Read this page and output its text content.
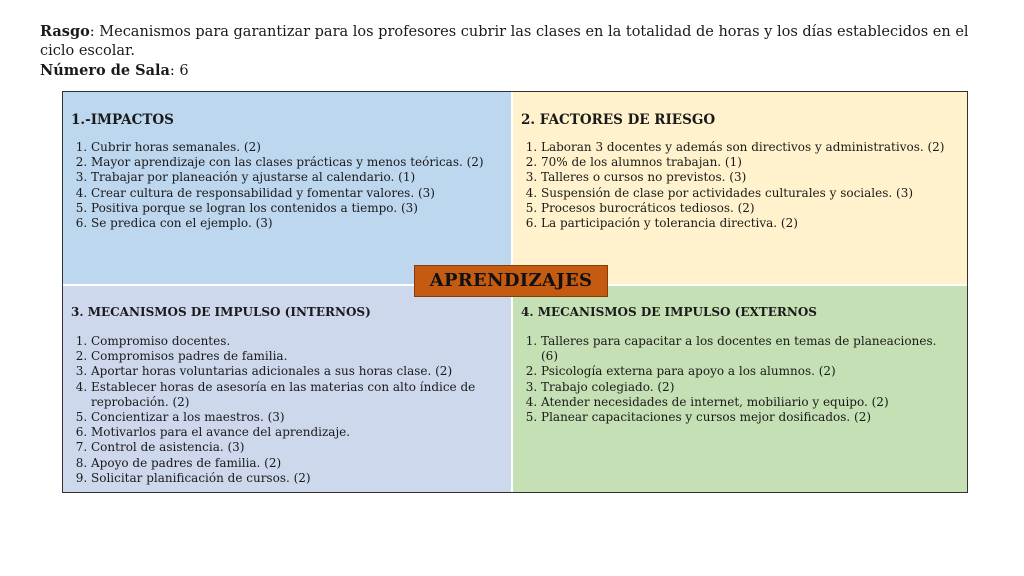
Rasgo: Mecanismos para garantizar para los profesores cubrir las clases en la totalidad de horas y los días establecidos en el ciclo escolar.
Número de Sala: 6
1.-IMPACTOS
1. Cubrir horas semanales. (2)
2. Mayor aprendizaje con las clases prácticas y menos teóricas. (2)
3. Trabajar por planeación y ajustarse al calendario. (1)
4. Crear cultura de responsabilidad y fomentar valores. (3)
5. Positiva porque se logran los contenidos a tiempo. (3)
6. Se predica con el ejemplo. (3)
2. FACTORES DE RIESGO
1. Laboran 3 docentes y además son directivos y administrativos. (2)
2. 70% de los alumnos trabajan. (1)
3. Talleres o cursos no previstos. (3)
4. Suspensión de clase por actividades culturales y sociales. (3)
5. Procesos burocráticos tediosos. (2)
6. La participación y tolerancia directiva. (2)
3. MECANISMOS DE IMPULSO (INTERNOS)
1. Compromiso docentes.
2. Compromisos padres de familia.
3. Aportar horas voluntarias adicionales a sus horas clase. (2)
4. Establecer horas de asesoría en las materias con alto índice de reprobación. (2)
5. Concientizar a los maestros. (3)
6. Motivarlos para el avance del aprendizaje.
7. Control de asistencia. (3)
8. Apoyo de padres de familia. (2)
9. Solicitar planificación de cursos. (2)
4. MECANISMOS DE IMPULSO (EXTERNOS
1. Talleres para capacitar a los docentes en temas de planeaciones. (6)
2. Psicología externa para apoyo a los alumnos. (2)
3. Trabajo colegiado. (2)
4. Atender necesidades de internet, mobiliario y equipo. (2)
5. Planear capacitaciones y cursos mejor dosificados. (2)
APRENDIZAJES
